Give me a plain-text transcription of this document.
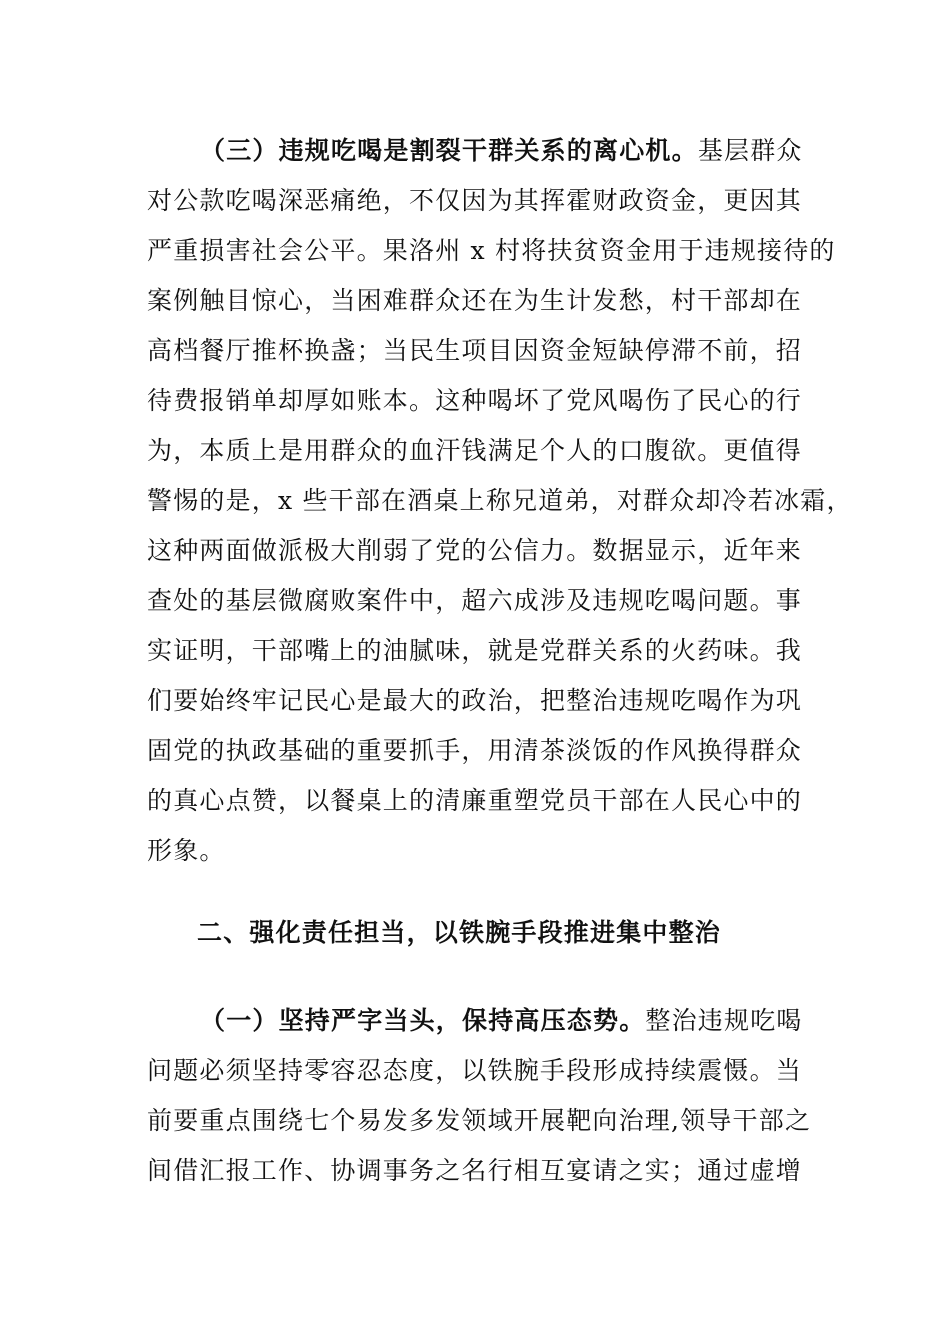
（三）违规吃喝是割裂干群关系的离心机。基层群众
对公款吃喝深恶痛绝，不仅因为其挥霍财政资金，更因其
严重损害社会公平。果洛州 x 村将扶贫资金用于违规接待的
案例触目惊心，当困难群众还在为生计发愁，村干部却在
高档餐厅推杯换盏；当民生项目因资金短缺停滞不前，招
待费报销单却厚如账本。这种喝坏了党风喝伤了民心的行
为，本质上是用群众的血汗钱满足个人的口腹欲。更值得
警惕的是，x 些干部在酒桌上称兄道弟，对群众却冷若冰霜，
这种两面做派极大削弱了党的公信力。数据显示，近年来
查处的基层微腐败案件中，超六成涉及违规吃喝问题。事
实证明，干部嘴上的油腻味，就是党群关系的火药味。我
们要始终牢记民心是最大的政治，把整治违规吃喝作为巩
固党的执政基础的重要抓手，用清茶淡饭的作风换得群众
的真心点赞，以餐桌上的清廉重塑党员干部在人民心中的
形象。
二、强化责任担当，以铁腕手段推进集中整治
（一）坚持严字当头，保持高压态势。整治违规吃喝
问题必须坚持零容忍态度，以铁腕手段形成持续震慑。当
前要重点围绕七个易发多发领域开展靶向治理,领导干部之
间借汇报工作、协调事务之名行相互宴请之实；通过虚增
